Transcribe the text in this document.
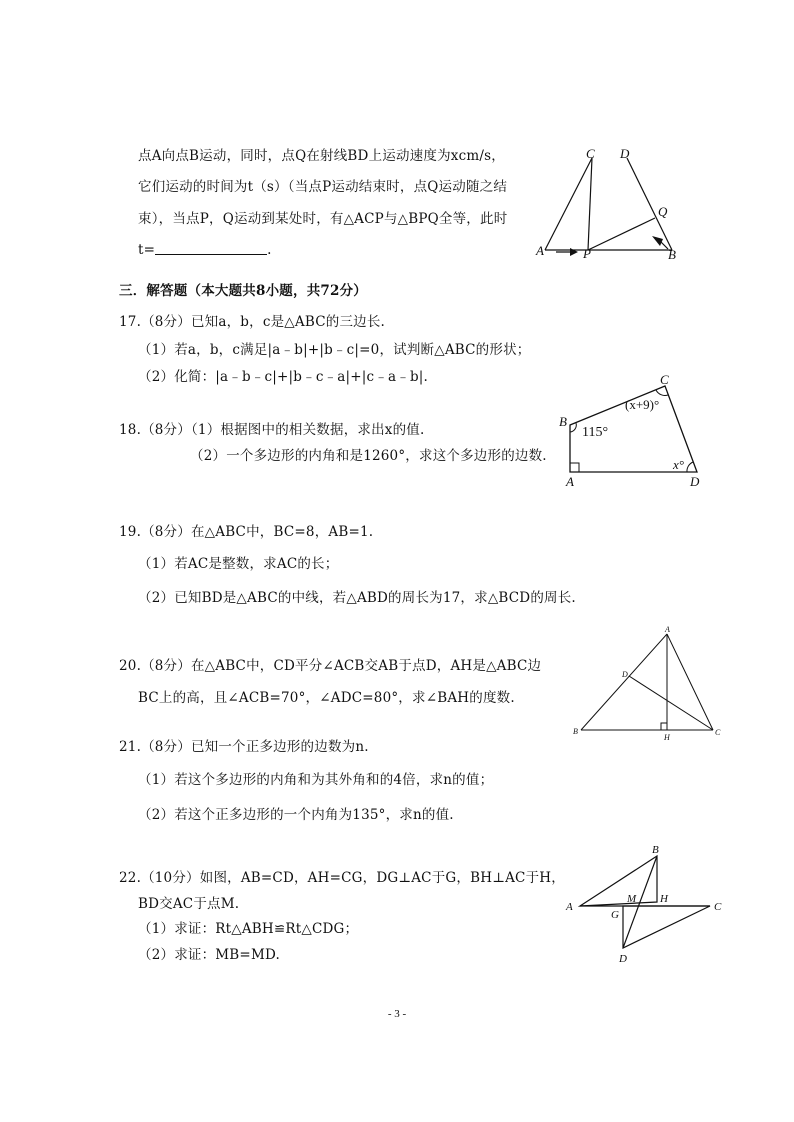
点A向点B运动，同时，点Q在射线BD上运动速度为xcm/s，
它们运动的时间为t（s）（当点P运动结束时，点Q运动随之结
束），当点P，Q运动到某处时，有△ACP与△BPQ全等，此时
t=	.
C D
Q
A	P	B
三．解答题（本大题共8小题，共72分）
17.（8分）已知a，b，c是△ABC的三边长.
（1）若a，b，c满足|a﹣b|+|b﹣c|=0，试判断△ABC的形状；
（2）化简：|a﹣b﹣c|+|b﹣c﹣a|+|c﹣a﹣b|.
18.（8分）（1）根据图中的相关数据，求出x的值.
（2）一个多边形的内角和是1260°，求这个多边形的边数.
B
C
A	D
115°
(x+9)°
x°
19.（8分）在△ABC中，BC=8，AB=1.
（1）若AC是整数，求AC的长；
（2）已知BD是△ABC的中线，若△ABD的周长为17，求△BCD的周长.
20.（8分）在△ABC中，CD平分∠ACB交AB于点D，AH是△ABC边
BC上的高，且∠ACB=70°，∠ADC=80°，求∠BAH的度数.
A
D
B
H
C
21.（8分）已知一个正多边形的边数为n.
（1）若这个多边形的内角和为其外角和的4倍，求n的值；
（2）若这个正多边形的一个内角为135°，求n的值.
22.（10分）如图，AB=CD，AH=CG，DG⊥AC于G，BH⊥AC于H，
BD交AC于点M.
（1）求证：Rt△ABH≌Rt△CDG；
（2）求证：MB=MD.
B
A
G
M H
C
D
- 3 -
